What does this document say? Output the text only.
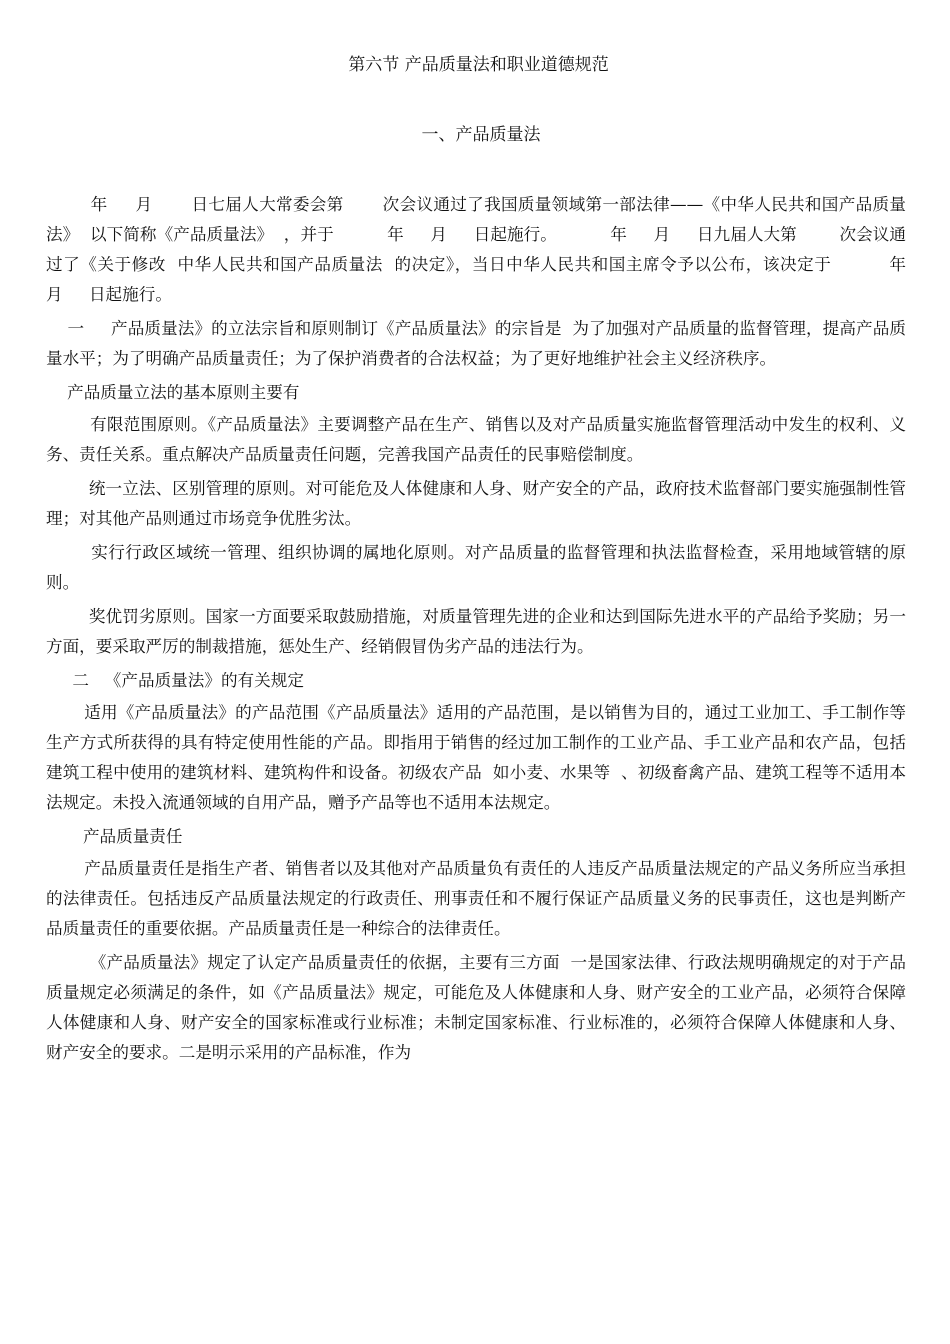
第六节 产品质量法和职业道德规范

一、产品质量法

年     月       日七届人大常委会第       次会议通过了我国质量领域第一部法律——《中华人民共和国产品质量法》  以下简称《产品质量法》  ，并于          年     月     日起施行。          年     月     日九届人大第        次会议通过了《关于修改  中华人民共和国产品质量法  的决定》，当日中华人民共和国主席令予以公布，该决定于          年     月     日起施行。

一     产品质量法》的立法宗旨和原则制订《产品质量法》的宗旨是  为了加强对产品质量的监督管理，提高产品质量水平；为了明确产品质量责任；为了保护消费者的合法权益；为了更好地维护社会主义经济秩序。

产品质量立法的基本原则主要有

有限范围原则。《产品质量法》主要调整产品在生产、销售以及对产品质量实施监督管理活动中发生的权利、义务、责任关系。重点解决产品质量责任问题，完善我国产品责任的民事赔偿制度。

统一立法、区别管理的原则。对可能危及人体健康和人身、财产安全的产品，政府技术监督部门要实施强制性管理；对其他产品则通过市场竞争优胜劣汰。

实行行政区域统一管理、组织协调的属地化原则。对产品质量的监督管理和执法监督检查，采用地域管辖的原则。

奖优罚劣原则。国家一方面要采取鼓励措施，对质量管理先进的企业和达到国际先进水平的产品给予奖励；另一方面，要采取严厉的制裁措施，惩处生产、经销假冒伪劣产品的违法行为。

二   《产品质量法》的有关规定

适用《产品质量法》的产品范围《产品质量法》适用的产品范围，是以销售为目的，通过工业加工、手工制作等生产方式所获得的具有特定使用性能的产品。即指用于销售的经过加工制作的工业产品、手工业产品和农产品，包括建筑工程中使用的建筑材料、建筑构件和设备。初级农产品  如小麦、水果等  、初级畜禽产品、建筑工程等不适用本法规定。未投入流通领域的自用产品，赠予产品等也不适用本法规定。

产品质量责任

产品质量责任是指生产者、销售者以及其他对产品质量负有责任的人违反产品质量法规定的产品义务所应当承担的法律责任。包括违反产品质量法规定的行政责任、刑事责任和不履行保证产品质量义务的民事责任，这也是判断产品质量责任的重要依据。产品质量责任是一种综合的法律责任。

《产品质量法》规定了认定产品质量责任的依据，主要有三方面  一是国家法律、行政法规明确规定的对于产品质量规定必须满足的条件，如《产品质量法》规定，可能危及人体健康和人身、财产安全的工业产品，必须符合保障人体健康和人身、财产安全的国家标准或行业标准；未制定国家标准、行业标准的，必须符合保障人体健康和人身、财产安全的要求。二是明示采用的产品标准，作为
